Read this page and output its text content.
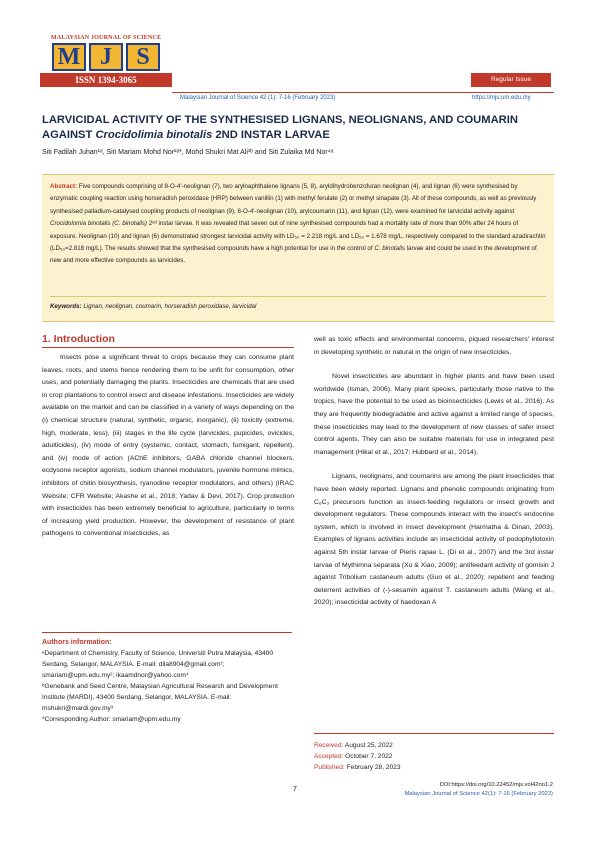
MALAYSIAN JOURNAL OF SCIENCE
M J	S
ISSN 1394-3065	Regular Issue
Malaysian Journal of Science 42 (1): 7-16 (February 2023)	https://mjs.um.edu.my
LARVICIDAL ACTIVITY OF THE SYNTHESISED LIGNANS, NEOLIGNANS, AND COUMARIN AGAINST Crocidolimia binotalis 2ND INSTAR LARVAE
Siti Fadilah Juhan¹ᵃ, Siti Mariam Mohd Nor²ᵃ*, Mohd Shukri Mat Ali³ᵇ and Siti Zulaika Md Nor⁴ᵃ
Abstract: Five compounds comprising of 8-O-4′-neolignan (7), two arylnaphthalene lignans (5, 8), aryldihydrobenzofuran neolignan (4), and lignan (6) were synthesised by enzymatic coupling reaction using horseradish peroxidase (HRP) between vanillin (1) with methyl ferulate (2) or methyl sinapate (3). All of these compounds, as well as previously synthesised palladium-catalysed coupling products of neolignan (9), 8-O-4′-neolignan (10), arylcoumarin (11), and lignan (12), were examined for larvicidal activity against Crocidolomia binotalis (C. binotalis) 2ⁿᵈ instar larvae. It was revealed that seven out of nine synthesised compounds had a mortality rate of more than 90% after 24 hours of exposure. Neolignan (10) and lignan (6) demonstrated strongest larvicidal activity with LD₅₀ = 2.218 mg/L and LD₅₀ = 1.678 mg/L, respectively compared to the standard azadirachtin (LD₅₀=2.818 mg/L). The results showed that the synthesised compounds have a high potential for use in the control of C. binotalis larvae and could be used in the development of new and more effective compounds as larvicides.
Keywords: Lignan, neolignan, coumarin, horseradish peroxidase, larvicidal
1. Introduction

Insects pose a significant threat to crops because they can consume plant leaves, roots, and stems hence rendering them to be unfit for consumption, other uses, and potentially damaging the plants. Insecticides are chemicals that are used in crop plantations to control insect and disease infestations. Insecticides are widely available on the market and can be classified in a variety of ways depending on the (i) chemical structure (natural, synthetic, organic, inorganic), (ii) toxicity (extreme, high, moderate, less), (iii) stages in the life cycle (larvicides, pupicides, ovicides, adulticides), (iv) mode of entry (systemic, contact, stomach, fumigant, repellent), and (iv) mode of action (AChE inhibitors, GABA chloride channel blockers, ecdysone receptor agonists, sodium channel modulators, juvenile hormone mimics, inhibitors of chitin biosynthesis, ryanodine receptor modulators, and others) (IRAC Website; CFR Website; Akashe et al., 2018; Yadav & Devi, 2017). Crop protection with insecticides has been extremely beneficial to agriculture, particularly in terms of increasing yield production. However, the development of resistance of plant pathogens to conventional insecticides, as

well as toxic effects and environmental concerns, piqued researchers' interest in developing synthetic or natural in the origin of new insecticides.

Novel insecticides are abundant in higher plants and have been used worldwide (Isman, 2006). Many plant species, particularly those native to the tropics, have the potential to be used as bioinsecticides (Lewis et al., 2016). As they are frequently biodegradable and active against a limited range of species, these insecticides may lead to the development of new classes of safer insect control agents. They can also be suitable materials for use in integrated pest management (Hikal et al., 2017; Hubbard et al., 2014).

Lignans, neolignans, and coumarins are among the plant insecticides that have been widely reported. Lignans and phenolic compounds originating from C₆C₃ precursors function as insect-feeding regulators or insect growth and development regulators. These compounds interact with the insect's endocrine system, which is involved in insect development (Harmatha & Dinan, 2003). Examples of lignans activities include an insecticidal activity of podophyllotoxin against 5th instar larvae of Pieris rapae L. (Di et al., 2007) and the 3rd instar larvae of Mythimna separata (Xu & Xiao, 2009); antifeedant activity of gomisin J against Tribolium castaneum adults (Guo et al., 2020); repellent and feeding deterrent activities of (-)-sesamin against T. castaneum adults (Wang et al., 2020); insecticidal activity of haedoxan A

Authors information:
ᵃDepartment of Chemistry, Faculty of Science, Universiti Putra Malaysia, 43400 Serdang, Selangor, MALAYSIA. E-mail: dila8904@gmail.com¹; smariam@upm.edu.my²; ikaamdnor@yahoo.com⁴
ᵇGenebank and Seed Centre, Malaysian Agricultural Research and Development Institute (MARDI), 43400 Serdang, Selangor, MALAYSIA. E-mail: mshukri@mardi.gov.my³
*Corresponding Author: smariam@upm.edu.my
Received: August 25, 2022
Accepted: October 7, 2022
Published: February 28, 2023
7
DOI:https://doi.org/10.22452/mjs.vol42no1.2
Malaysian Journal of Science 42(1): 7-16 (February 2023)
